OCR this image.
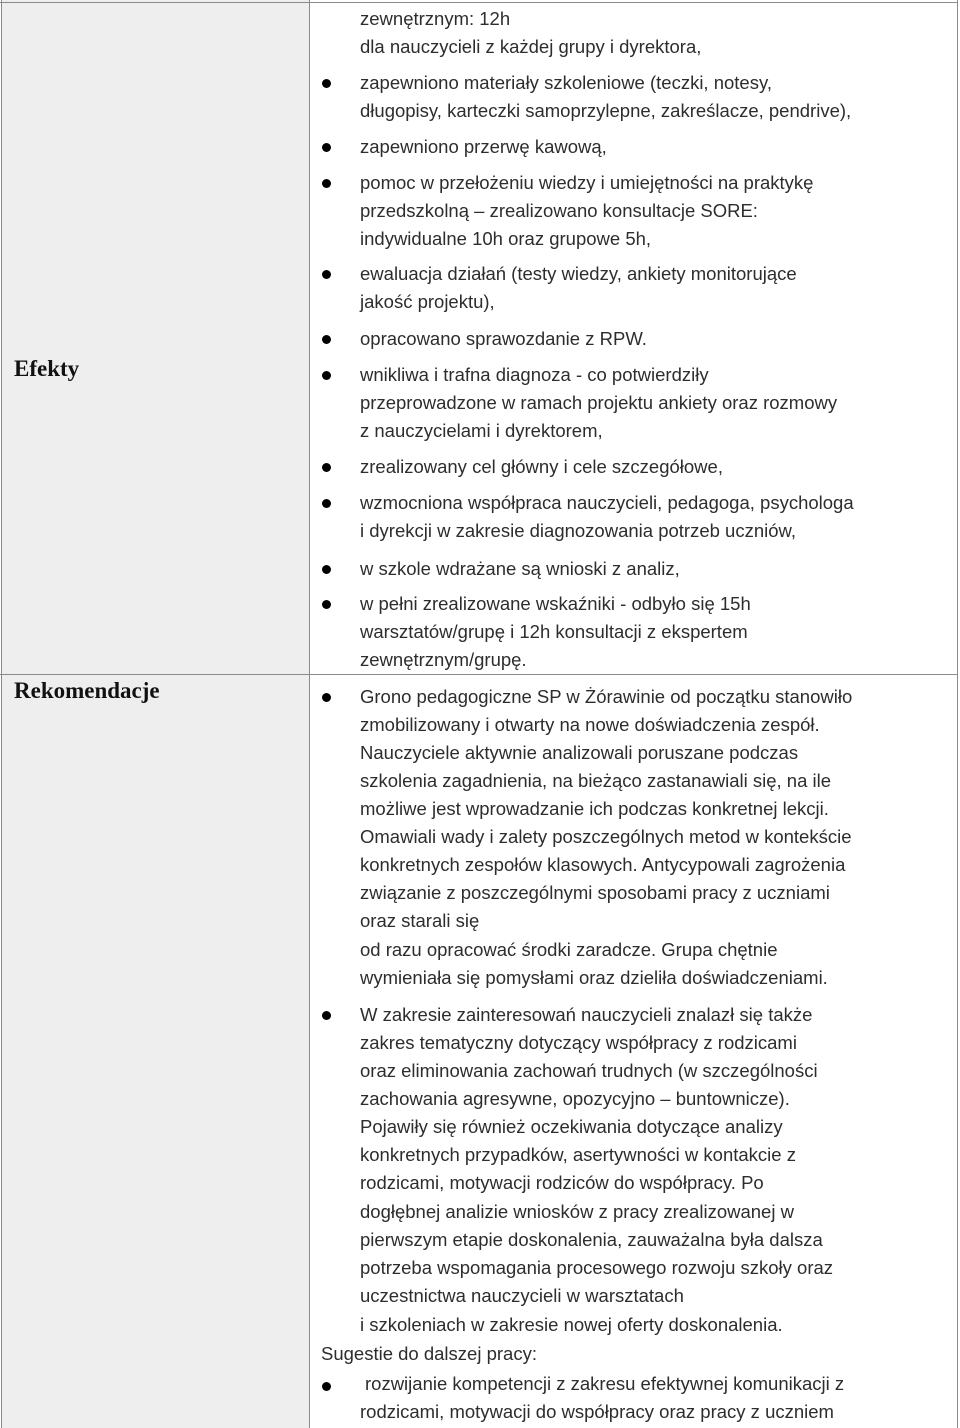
Efekty
Rekomendacje
zewnętrznym: 12h
dla nauczycieli z każdej grupy i dyrektora,
zapewniono materiały szkoleniowe (teczki, notesy,
długopisy, karteczki samoprzylepne, zakreślacze, pendrive),
zapewniono przerwę kawową,
pomoc w przełożeniu wiedzy i umiejętności na praktykę
przedszkolną – zrealizowano konsultacje SORE:
indywidualne 10h oraz grupowe 5h,
ewaluacja działań (testy wiedzy, ankiety monitorujące
jakość projektu),
opracowano sprawozdanie z RPW.
wnikliwa i trafna diagnoza - co potwierdziły
przeprowadzone w ramach projektu ankiety oraz rozmowy
z nauczycielami i dyrektorem,
zrealizowany cel główny i cele szczegółowe,
wzmocniona współpraca nauczycieli, pedagoga, psychologa
i dyrekcji w zakresie diagnozowania potrzeb uczniów,
w szkole wdrażane są wnioski z analiz,
w pełni zrealizowane wskaźniki - odbyło się 15h
warsztatów/grupę i 12h konsultacji z ekspertem
zewnętrznym/grupę.
Grono pedagogiczne SP w Żórawinie od początku stanowiło
zmobilizowany i otwarty na nowe doświadczenia zespół.
Nauczyciele aktywnie analizowali poruszane podczas
szkolenia zagadnienia, na bieżąco zastanawiali się, na ile
możliwe jest wprowadzanie ich podczas konkretnej lekcji.
Omawiali wady i zalety poszczególnych metod w kontekście
konkretnych zespołów klasowych. Antycypowali zagrożenia
związanie z poszczególnymi sposobami pracy z uczniami
oraz starali się
od razu opracować środki zaradcze. Grupa chętnie
wymieniała się pomysłami oraz dzieliła doświadczeniami.
W zakresie zainteresowań nauczycieli znalazł się także
zakres tematyczny dotyczący współpracy z rodzicami
oraz eliminowania zachowań trudnych (w szczególności
zachowania agresywne, opozycyjno – buntownicze).
Pojawiły się również oczekiwania dotyczące analizy
konkretnych przypadków, asertywności w kontakcie z
rodzicami, motywacji rodziców do współpracy. Po
dogłębnej analizie wniosków z pracy zrealizowanej w
pierwszym etapie doskonalenia, zauważalna była dalsza
potrzeba wspomagania procesowego rozwoju szkoły oraz
uczestnictwa nauczycieli w warsztatach
i szkoleniach w zakresie nowej oferty doskonalenia.
Sugestie do dalszej pracy:
rozwijanie kompetencji z zakresu efektywnej komunikacji z
rodzicami, motywacji do współpracy oraz pracy z uczniem
